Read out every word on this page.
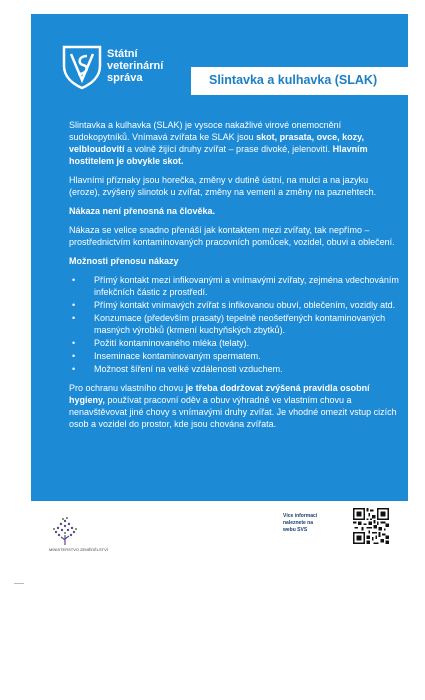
Státní
veterinární
správa	Slintavka a kulhavka (SLAK)

Slintavka a kulhavka (SLAK) je vysoce nakažlivé virové onemocnění sudokopytníků. Vnímavá zvířata ke SLAK jsou skot, prasata, ovce, kozy, velbloudovití a volně žijící druhy zvířat – prase divoké, jelenovití. Hlavním hostitelem je obvykle skot.

Hlavními příznaky jsou horečka, změny v dutině ústní, na mulci a na jazyku (eroze), zvýšený slinotok u zvířat, změny na vemeni a změny na paznehtech.

Nákaza není přenosná na člověka.

Nákaza se velice snadno přenáší jak kontaktem mezi zvířaty, tak nepřímo – prostřednictvím kontaminovaných pracovních pomůcek, vozidel, obuvi a oblečení.

Možnosti přenosu nákazy
• Přímý kontakt mezi infikovanými a vnímavými zvířaty, zejména vdechováním infekčních částic z prostředí.
• Přímý kontakt vnímavých zvířat s infikovanou obuví, oblečením, vozidly atd.
• Konzumace (především prasaty) tepelně neošetřených kontaminovaných masných výrobků (krmení kuchyňských zbytků).
• Požití kontaminovaného mléka (telaty).
• Inseminace kontaminovaným spermatem.
• Možnost šíření na velké vzdálenosti vzduchem.

Pro ochranu vlastního chovu je třeba dodržovat zvýšená pravidla osobní hygieny, používat pracovní oděv a obuv výhradně ve vlastním chovu a nenavštěvovat jiné chovy s vnímavými druhy zvířat. Je vhodné omezit vstup cizích osob a vozidel do prostor, kde jsou chována zvířata.

MINISTERSTVO ZEMĚDĚLSTVÍ
Více informací
naleznete na
webu SVS
